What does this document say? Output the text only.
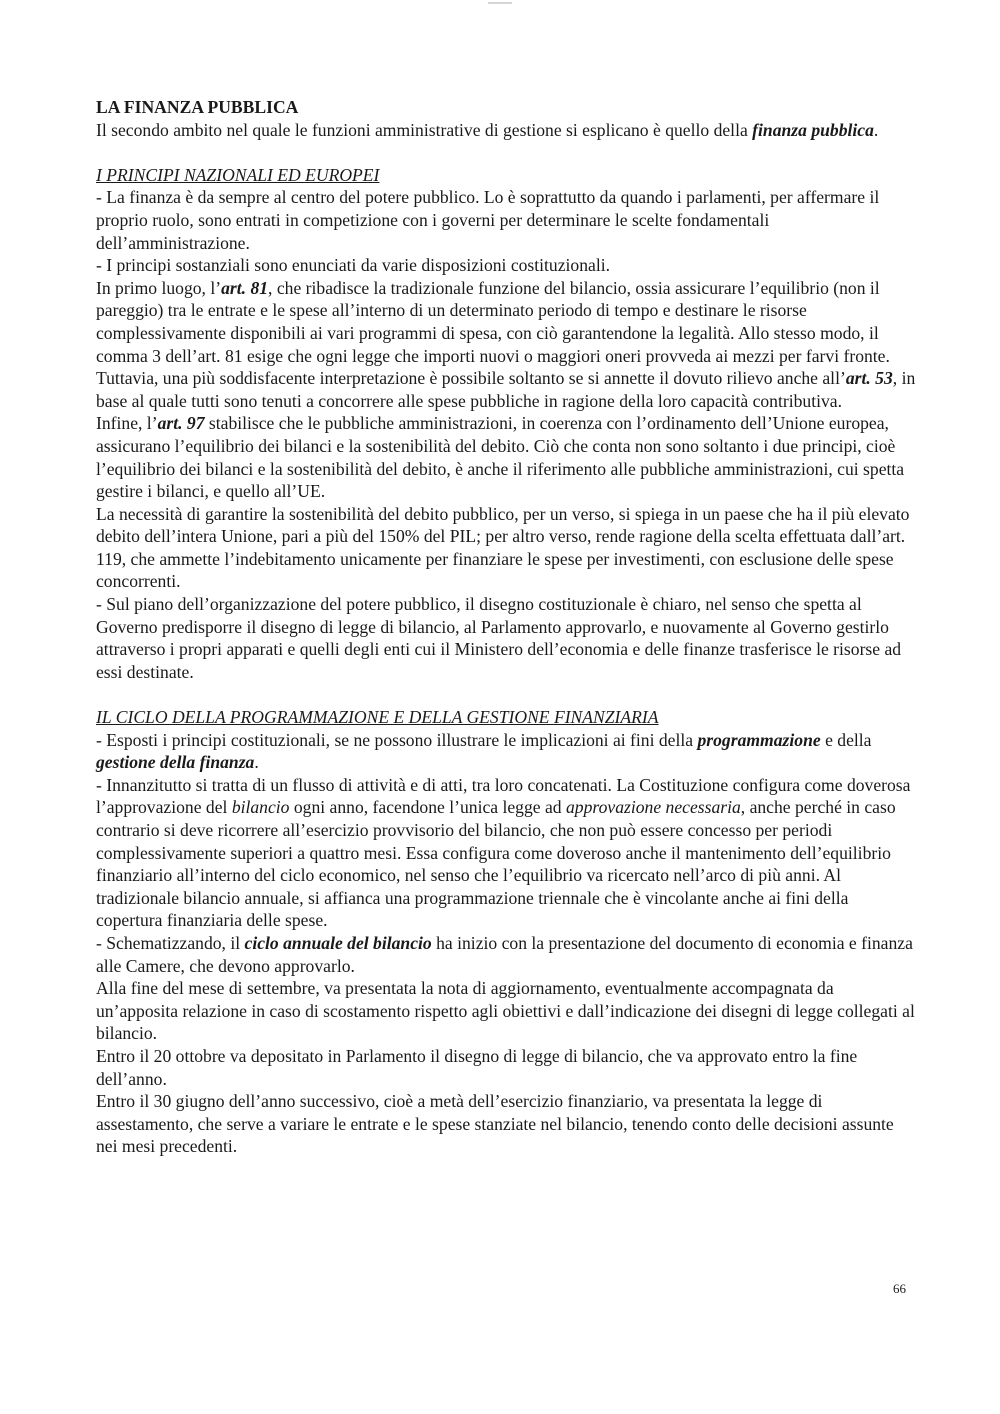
LA FINANZA PUBBLICA

Il secondo ambito nel quale le funzioni amministrative di gestione si esplicano è quello della finanza pubblica.

I PRINCIPI NAZIONALI ED EUROPEI

- La finanza è da sempre al centro del potere pubblico. Lo è soprattutto da quando i parlamenti, per affermare il proprio ruolo, sono entrati in competizione con i governi per determinare le scelte fondamentali dell’amministrazione.

- I principi sostanziali sono enunciati da varie disposizioni costituzionali.

In primo luogo, l’art. 81, che ribadisce la tradizionale funzione del bilancio, ossia assicurare l’equilibrio (non il pareggio) tra le entrate e le spese all’interno di un determinato periodo di tempo e destinare le risorse complessivamente disponibili ai vari programmi di spesa, con ciò garantendone la legalità. Allo stesso modo, il comma 3 dell’art. 81 esige che ogni legge che importi nuovi o maggiori oneri provveda ai mezzi per farvi fronte.

Tuttavia, una più soddisfacente interpretazione è possibile soltanto se si annette il dovuto rilievo anche all’art. 53, in base al quale tutti sono tenuti a concorrere alle spese pubbliche in ragione della loro capacità contributiva.

Infine, l’art. 97 stabilisce che le pubbliche amministrazioni, in coerenza con l’ordinamento dell’Unione europea, assicurano l’equilibrio dei bilanci e la sostenibilità del debito. Ciò che conta non sono soltanto i due principi, cioè l’equilibrio dei bilanci e la sostenibilità del debito, è anche il riferimento alle pubbliche amministrazioni, cui spetta gestire i bilanci, e quello all’UE.

La necessità di garantire la sostenibilità del debito pubblico, per un verso, si spiega in un paese che ha il più elevato debito dell’intera Unione, pari a più del 150% del PIL; per altro verso, rende ragione della scelta effettuata dall’art. 119, che ammette l’indebitamento unicamente per finanziare le spese per investimenti, con esclusione delle spese concorrenti.

- Sul piano dell’organizzazione del potere pubblico, il disegno costituzionale è chiaro, nel senso che spetta al Governo predisporre il disegno di legge di bilancio, al Parlamento approvarlo, e nuovamente al Governo gestirlo attraverso i propri apparati e quelli degli enti cui il Ministero dell’economia e delle finanze trasferisce le risorse ad essi destinate.

IL CICLO DELLA PROGRAMMAZIONE E DELLA GESTIONE FINANZIARIA

- Esposti i principi costituzionali, se ne possono illustrare le implicazioni ai fini della programmazione e della gestione della finanza.

- Innanzitutto si tratta di un flusso di attività e di atti, tra loro concatenati. La Costituzione configura come doverosa l’approvazione del bilancio ogni anno, facendone l’unica legge ad approvazione necessaria, anche perché in caso contrario si deve ricorrere all’esercizio provvisorio del bilancio, che non può essere concesso per periodi complessivamente superiori a quattro mesi. Essa configura come doveroso anche il mantenimento dell’equilibrio finanziario all’interno del ciclo economico, nel senso che l’equilibrio va ricercato nell’arco di più anni. Al tradizionale bilancio annuale, si affianca una programmazione triennale che è vincolante anche ai fini della copertura finanziaria delle spese.

- Schematizzando, il ciclo annuale del bilancio ha inizio con la presentazione del documento di economia e finanza alle Camere, che devono approvarlo.

Alla fine del mese di settembre, va presentata la nota di aggiornamento, eventualmente accompagnata da un’apposita relazione in caso di scostamento rispetto agli obiettivi e dall’indicazione dei disegni di legge collegati al bilancio.

Entro il 20 ottobre va depositato in Parlamento il disegno di legge di bilancio, che va approvato entro la fine dell’anno.

Entro il 30 giugno dell’anno successivo, cioè a metà dell’esercizio finanziario, va presentata la legge di assestamento, che serve a variare le entrate e le spese stanziate nel bilancio, tenendo conto delle decisioni assunte nei mesi precedenti.

66
